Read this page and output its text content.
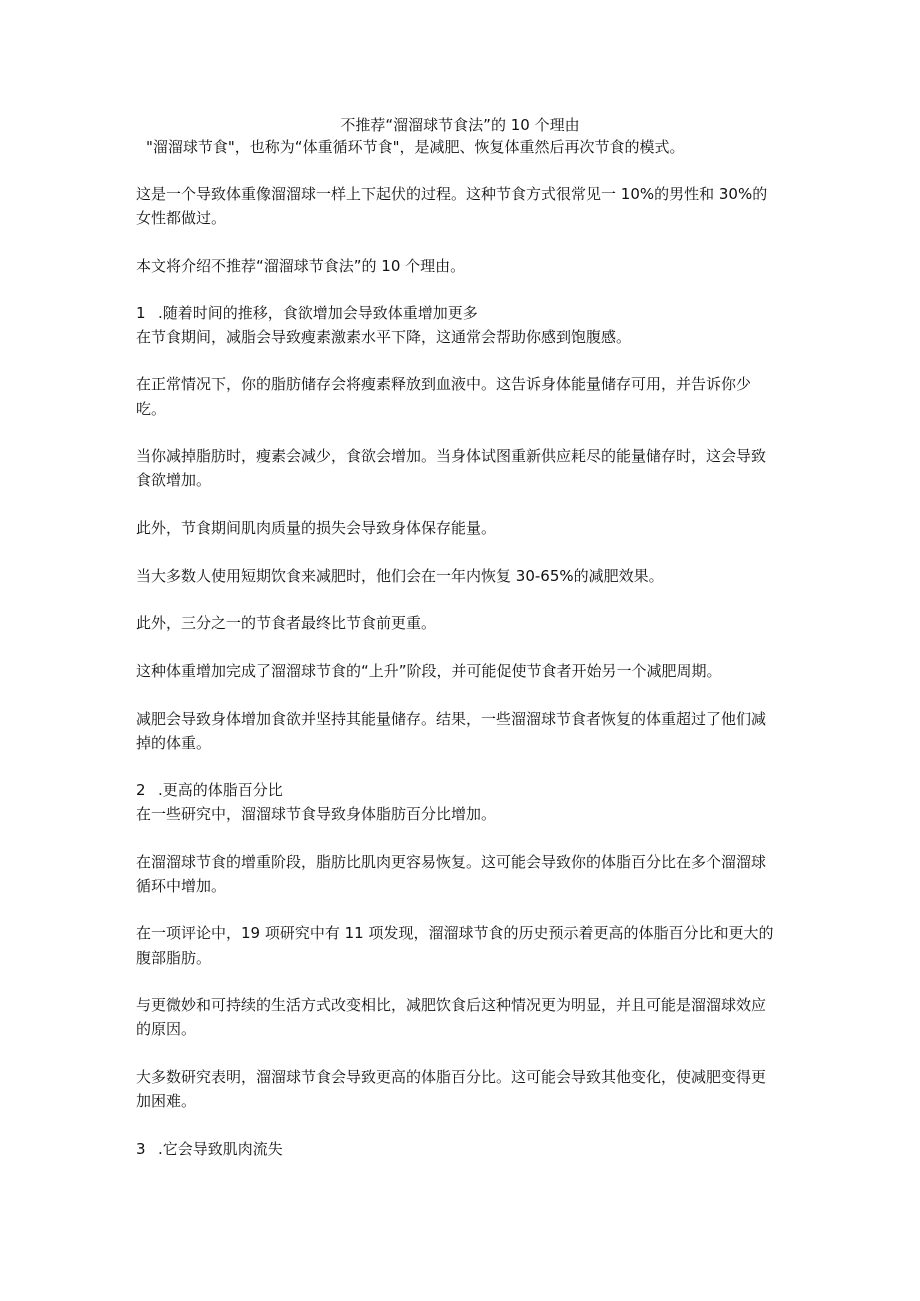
不推荐“溜溜球节食法”的 10 个理由
"溜溜球节食"，也称为“体重循环节食"，是减肥、恢复体重然后再次节食的模式。
这是一个导致体重像溜溜球一样上下起伏的过程。这种节食方式很常见一 10%的男性和 30%的
女性都做过。
本文将介绍不推荐“溜溜球节食法”的 10 个理由。
1 .随着时间的推移，食欲增加会导致体重增加更多
在节食期间，减脂会导致瘦素激素水平下降，这通常会帮助你感到饱腹感。
在正常情况下，你的脂肪储存会将瘦素释放到血液中。这告诉身体能量储存可用，并告诉你少
吃。
当你减掉脂肪时，瘦素会减少，食欲会增加。当身体试图重新供应耗尽的能量储存时，这会导致
食欲增加。
此外，节食期间肌肉质量的损失会导致身体保存能量。
当大多数人使用短期饮食来减肥时，他们会在一年内恢复 30-65%的减肥效果。
此外，三分之一的节食者最终比节食前更重。
这种体重增加完成了溜溜球节食的“上升”阶段，并可能促使节食者开始另一个减肥周期。
减肥会导致身体增加食欲并坚持其能量储存。结果，一些溜溜球节食者恢复的体重超过了他们减
掉的体重。
2 .更高的体脂百分比
在一些研究中，溜溜球节食导致身体脂肪百分比增加。
在溜溜球节食的增重阶段，脂肪比肌肉更容易恢复。这可能会导致你的体脂百分比在多个溜溜球
循环中增加。
在一项评论中，19 项研究中有 11 项发现，溜溜球节食的历史预示着更高的体脂百分比和更大的
腹部脂肪。
与更微妙和可持续的生活方式改变相比，减肥饮食后这种情况更为明显，并且可能是溜溜球效应
的原因。
大多数研究表明，溜溜球节食会导致更高的体脂百分比。这可能会导致其他变化，使减肥变得更
加困难。
3 .它会导致肌肉流失
